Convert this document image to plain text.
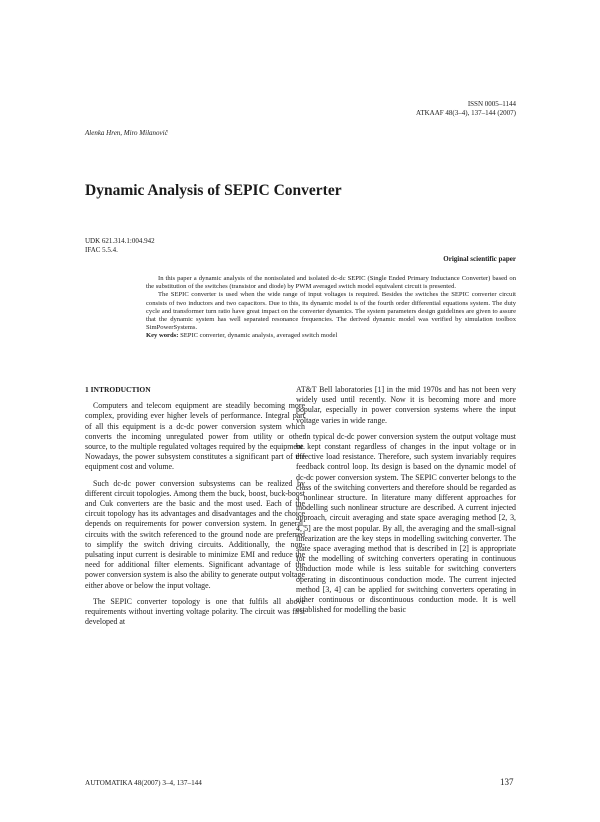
ISSN 0005–1144
ATKAAF 48(3–4), 137–144 (2007)
Alenka Hren, Miro Milanovič
Dynamic Analysis of SEPIC Converter
UDK 621.314.1:004.942
IFAC 5.5.4.
Original scientific paper

In this paper a dynamic analysis of the nonisolated and isolated dc-dc SEPIC (Single Ended Primary Inductance Converter) based on the substitution of the switches (transistor and diode) by PWM averaged switch model equivalent circuit is presented.

The SEPIC converter is used when the wide range of input voltages is required. Besides the switches the SEPIC converter circuit consists of two inductors and two capacitors. Due to this, its dynamic model is of the fourth order differential equations system. The duty cycle and transformer turn ratio have great impact on the converter dynamics. The system parameters design guidelines are given to assure that the dynamic system has well separated resonance frequencies. The derived dynamic model was verified by simulation toolbox SimPowerSystems.

Key words: SEPIC converter, dynamic analysis, averaged switch model

1 INTRODUCTION

Computers and telecom equipment are steadily becoming more complex, providing ever higher levels of performance. Integral part of all this equipment is a dc-dc power conversion system which converts the incoming unregulated power from utility or other source, to the multiple regulated voltages required by the equipment. Nowadays, the power subsystem constitutes a significant part of the equipment cost and volume.

Such dc-dc power conversion subsystems can be realized by different circuit topologies. Among them the buck, boost, buck-boost and Cuk converters are the basic and the most used. Each of the circuit topology has its advantages and disadvantages and the choice depends on requirements for power conversion system. In general, circuits with the switch referenced to the ground node are preferred to simplify the switch driving circuits. Additionally, the non-pulsating input current is desirable to minimize EMI and reduce the need for additional filter elements. Significant advantage of the power conversion system is also the ability to generate output voltage either above or below the input voltage.

The SEPIC converter topology is one that fulfils all above requirements without inverting voltage polarity. The circuit was first developed at

AT&T Bell laboratories [1] in the mid 1970s and has not been very widely used until recently. Now it is becoming more and more popular, especially in power conversion systems where the input voltage varies in wide range.

In typical dc-dc power conversion system the output voltage must be kept constant regardless of changes in the input voltage or in effective load resistance. Therefore, such system invariably requires feedback control loop. Its design is based on the dynamic model of dc-dc power conversion system. The SEPIC converter belongs to the class of the switching converters and therefore should be regarded as a nonlinear structure. In literature many different approaches for modelling such nonlinear structure are described. A current injected approach, circuit averaging and state space averaging method [2, 3, 4, 5] are the most popular. By all, the averaging and the small-signal linearization are the key steps in modelling switching converter. The state space averaging method that is described in [2] is appropriate for the modelling of switching converters operating in continuous conduction mode while is less suitable for switching converters operating in discontinuous conduction mode. The current injected method [3, 4] can be applied for switching converters operating in either continuous or discontinuous conduction mode. It is well established for modelling the basic

AUTOMATIKA 48(2007) 3–4, 137–144	137
